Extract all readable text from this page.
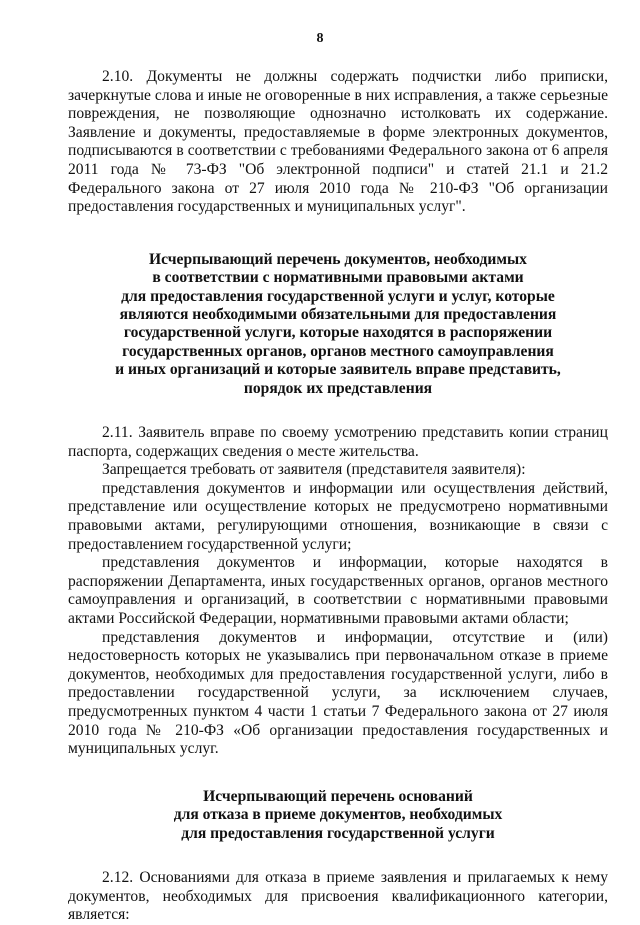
8

2.10. Документы не должны содержать подчистки либо приписки, зачеркнутые слова и иные не оговоренные в них исправления, а также серьезные повреждения, не позволяющие однозначно истолковать их содержание. Заявление и документы, предоставляемые в форме электронных документов, подписываются в соответствии с требованиями Федерального закона от 6 апреля 2011 года № 73-ФЗ "Об электронной подписи" и статей 21.1 и 21.2 Федерального закона от 27 июля 2010 года № 210-ФЗ "Об организации предоставления государственных и муниципальных услуг".

Исчерпывающий перечень документов, необходимых
в соответствии с нормативными правовыми актами
для предоставления государственной услуги и услуг, которые
являются необходимыми обязательными для предоставления
государственной услуги, которые находятся в распоряжении
государственных органов, органов местного самоуправления
и иных организаций и которые заявитель вправе представить,
порядок их представления

2.11. Заявитель вправе по своему усмотрению представить копии страниц паспорта, содержащих сведения о месте жительства.

Запрещается требовать от заявителя (представителя заявителя):

представления документов и информации или осуществления действий, представление или осуществление которых не предусмотрено нормативными правовыми актами, регулирующими отношения, возникающие в связи с предоставлением государственной услуги;

представления документов и информации, которые находятся в распоряжении Департамента, иных государственных органов, органов местного самоуправления и организаций, в соответствии с нормативными правовыми актами Российской Федерации, нормативными правовыми актами области;

представления документов и информации, отсутствие и (или) недостоверность которых не указывались при первоначальном отказе в приеме документов, необходимых для предоставления государственной услуги, либо в предоставлении государственной услуги, за исключением случаев, предусмотренных пунктом 4 части 1 статьи 7 Федерального закона от 27 июля 2010 года № 210-ФЗ «Об организации предоставления государственных и муниципальных услуг.

Исчерпывающий перечень оснований
для отказа в приеме документов, необходимых
для предоставления государственной услуги

2.12. Основаниями для отказа в приеме заявления и прилагаемых к нему документов, необходимых для присвоения квалификационного категории, является:
